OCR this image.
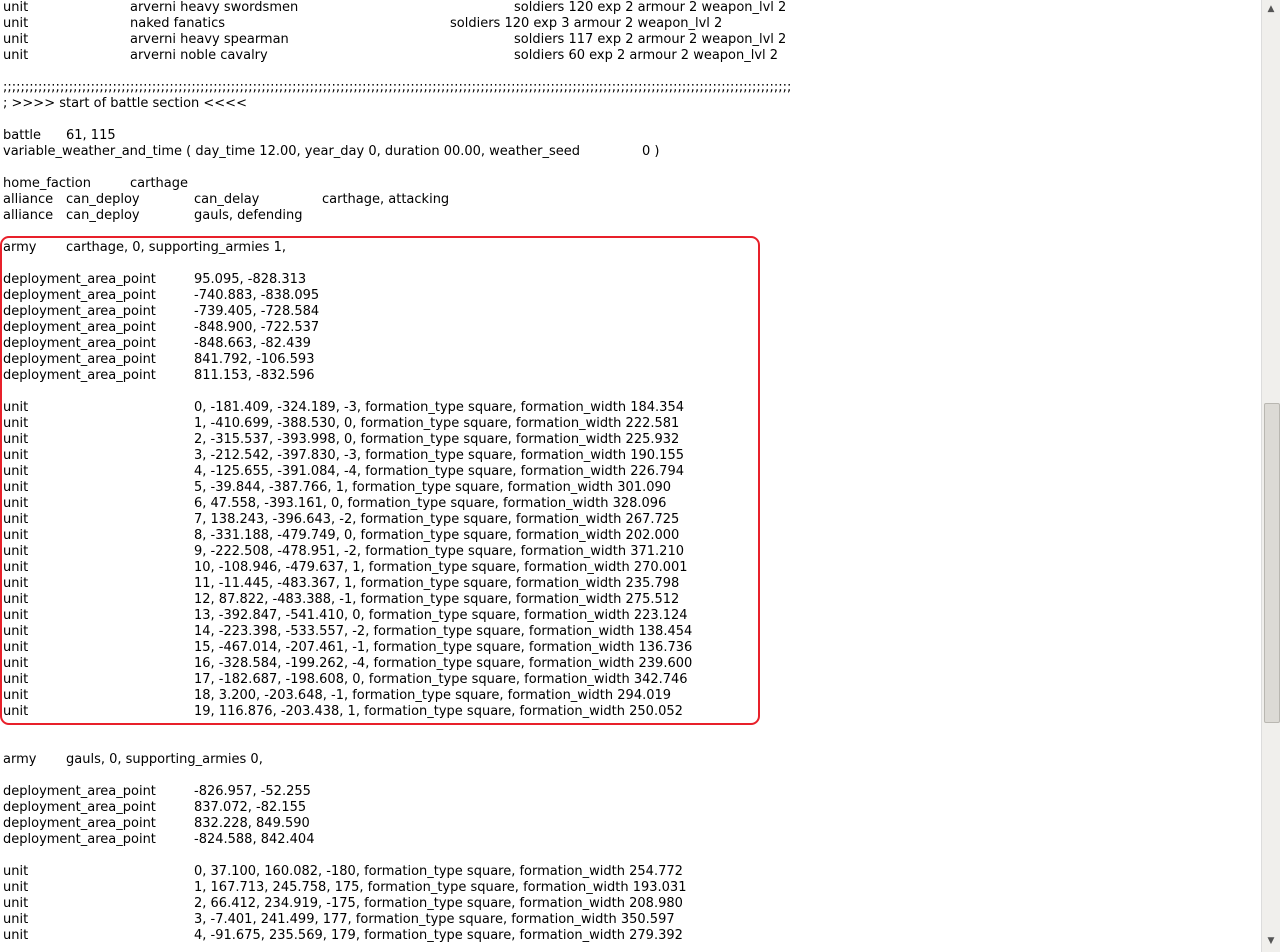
unit	arverni heavy swordsmen	soldiers 120 exp 2 armour 2 weapon_lvl 2
unit	naked fanatics	soldiers 120 exp 3 armour 2 weapon_lvl 2
unit	arverni heavy spearman	soldiers 117 exp 2 armour 2 weapon_lvl 2
unit	arverni noble cavalry	soldiers 60 exp 2 armour 2 weapon_lvl 2
;;;;;;;;;;;;;;;;;;;;;;;;;;;;;;;;;;;;;;;;;;;;;;;;;;;;;;;;;;;;;;;;;;;;;;;;;;;;;;;;;;;;;;;;;;;;;;;;;;;;;;;;;;;;;;;;;;;;;;;;;;;;;;;;;;;;;;;;;;;;;;;;;;;;;;;;;;;;;;;;;;;;;;;;;;;;;;;;;;;;
; >>>> start of battle section <<<<
battle 61, 115
variable_weather_and_time ( day_time 12.00, year_day 0, duration 00.00, weather_seed	0 )
home_faction	carthage
alliance can_deploy	can_delay	carthage, attacking
alliance can_deploy	gauls, defending
army carthage, 0, supporting_armies 1,
deployment_area_point	95.095, -828.313
deployment_area_point	-740.883, -838.095
deployment_area_point	-739.405, -728.584
deployment_area_point	-848.900, -722.537
deployment_area_point	-848.663, -82.439
deployment_area_point	841.792, -106.593
deployment_area_point	811.153, -832.596
unit	0, -181.409, -324.189, -3, formation_type square, formation_width 184.354
unit	1, -410.699, -388.530, 0, formation_type square, formation_width 222.581
unit	2, -315.537, -393.998, 0, formation_type square, formation_width 225.932
unit	3, -212.542, -397.830, -3, formation_type square, formation_width 190.155
unit	4, -125.655, -391.084, -4, formation_type square, formation_width 226.794
unit	5, -39.844, -387.766, 1, formation_type square, formation_width 301.090
unit	6, 47.558, -393.161, 0, formation_type square, formation_width 328.096
unit	7, 138.243, -396.643, -2, formation_type square, formation_width 267.725
unit	8, -331.188, -479.749, 0, formation_type square, formation_width 202.000
unit	9, -222.508, -478.951, -2, formation_type square, formation_width 371.210
unit	10, -108.946, -479.637, 1, formation_type square, formation_width 270.001
unit	11, -11.445, -483.367, 1, formation_type square, formation_width 235.798
unit	12, 87.822, -483.388, -1, formation_type square, formation_width 275.512
unit	13, -392.847, -541.410, 0, formation_type square, formation_width 223.124
unit	14, -223.398, -533.557, -2, formation_type square, formation_width 138.454
unit	15, -467.014, -207.461, -1, formation_type square, formation_width 136.736
unit	16, -328.584, -199.262, -4, formation_type square, formation_width 239.600
unit	17, -182.687, -198.608, 0, formation_type square, formation_width 342.746
unit	18, 3.200, -203.648, -1, formation_type square, formation_width 294.019
unit	19, 116.876, -203.438, 1, formation_type square, formation_width 250.052
army gauls, 0, supporting_armies 0,
deployment_area_point	-826.957, -52.255
deployment_area_point	837.072, -82.155
deployment_area_point	832.228, 849.590
deployment_area_point	-824.588, 842.404
unit	0, 37.100, 160.082, -180, formation_type square, formation_width 254.772
unit	1, 167.713, 245.758, 175, formation_type square, formation_width 193.031
unit	2, 66.412, 234.919, -175, formation_type square, formation_width 208.980
unit	3, -7.401, 241.499, 177, formation_type square, formation_width 350.597
unit	4, -91.675, 235.569, 179, formation_type square, formation_width 279.392
▲
▼
